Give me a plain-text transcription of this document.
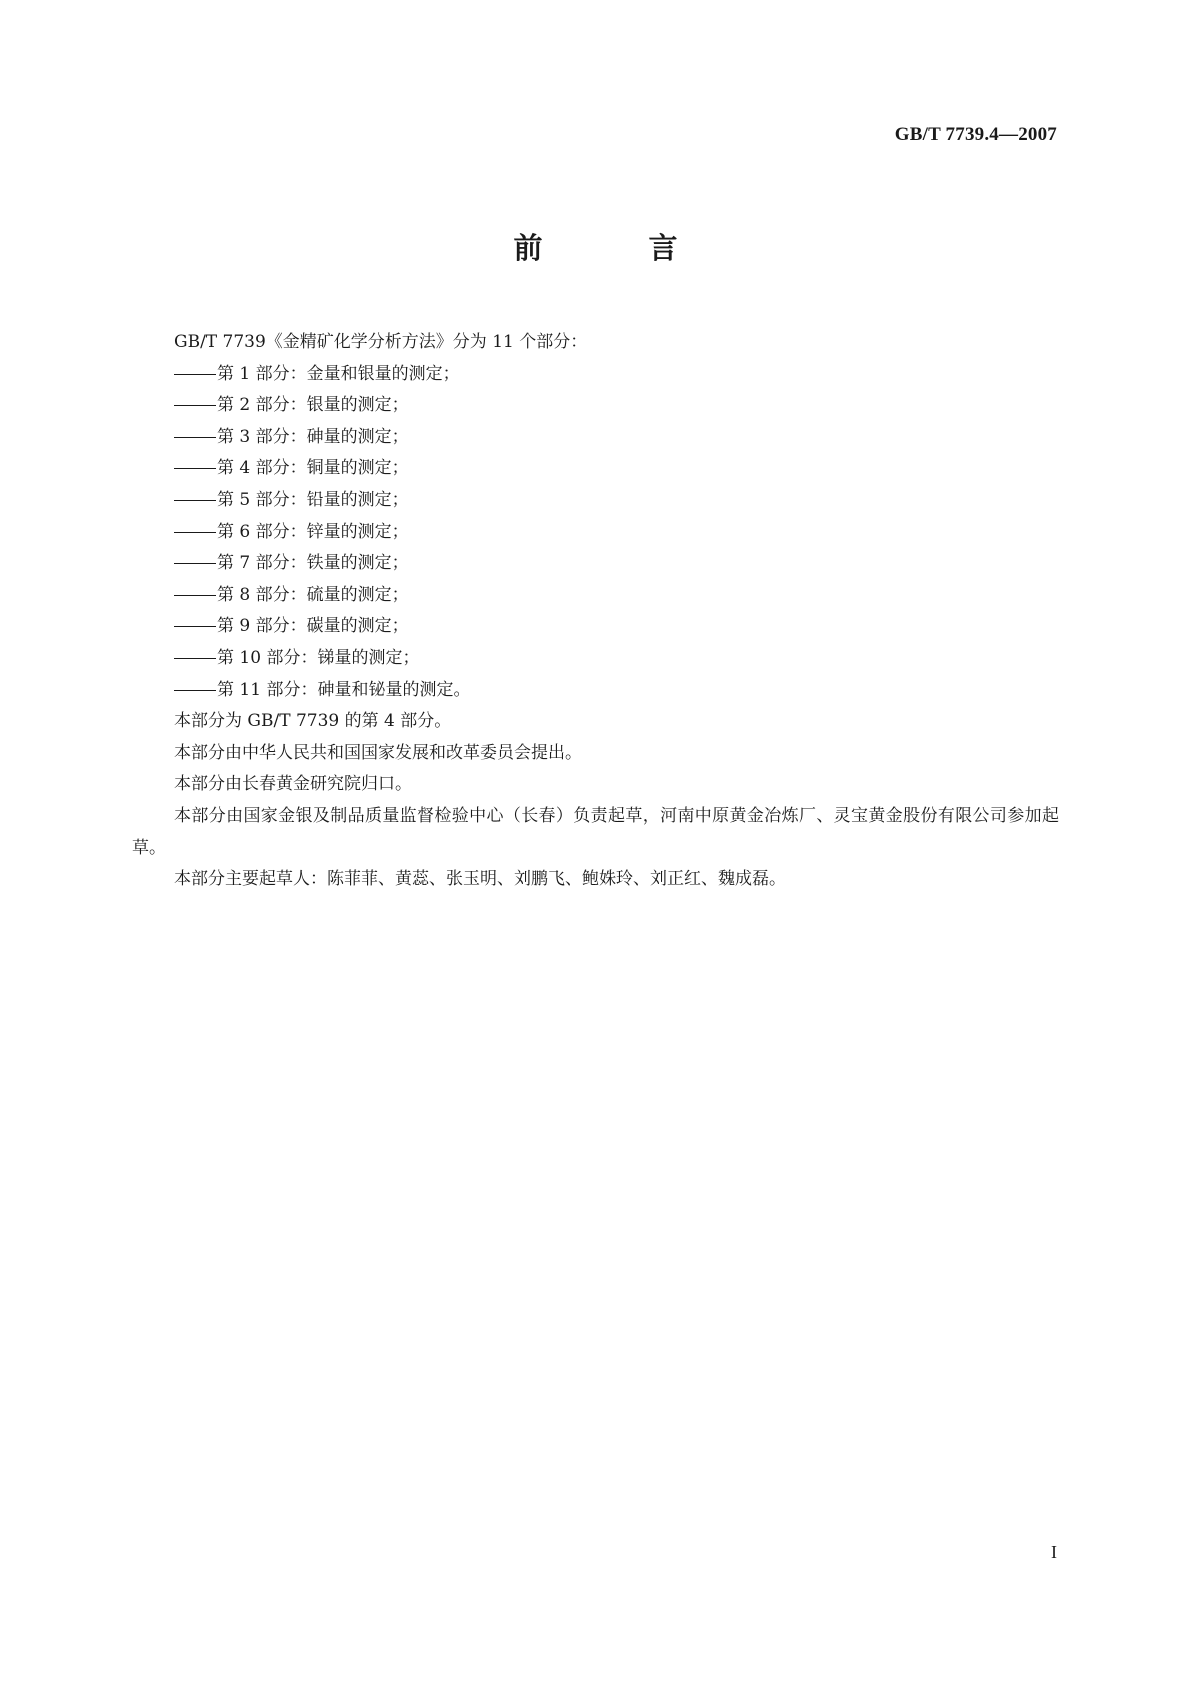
GB/T 7739.4—2007
前 言

GB/T 7739《金精矿化学分析方法》分为 11 个部分：

第 1 部分：金量和银量的测定；

第 2 部分：银量的测定；

第 3 部分：砷量的测定；

第 4 部分：铜量的测定；

第 5 部分：铅量的测定；

第 6 部分：锌量的测定；

第 7 部分：铁量的测定；

第 8 部分：硫量的测定；

第 9 部分：碳量的测定；

第 10 部分：锑量的测定；

第 11 部分：砷量和铋量的测定。

本部分为 GB/T 7739 的第 4 部分。

本部分由中华人民共和国国家发展和改革委员会提出。

本部分由长春黄金研究院归口。

本部分由国家金银及制品质量监督检验中心（长春）负责起草，河南中原黄金冶炼厂、灵宝黄金股份有限公司参加起草。

本部分主要起草人：陈菲菲、黄蕊、张玉明、刘鹏飞、鲍姝玲、刘正红、魏成磊。

I
